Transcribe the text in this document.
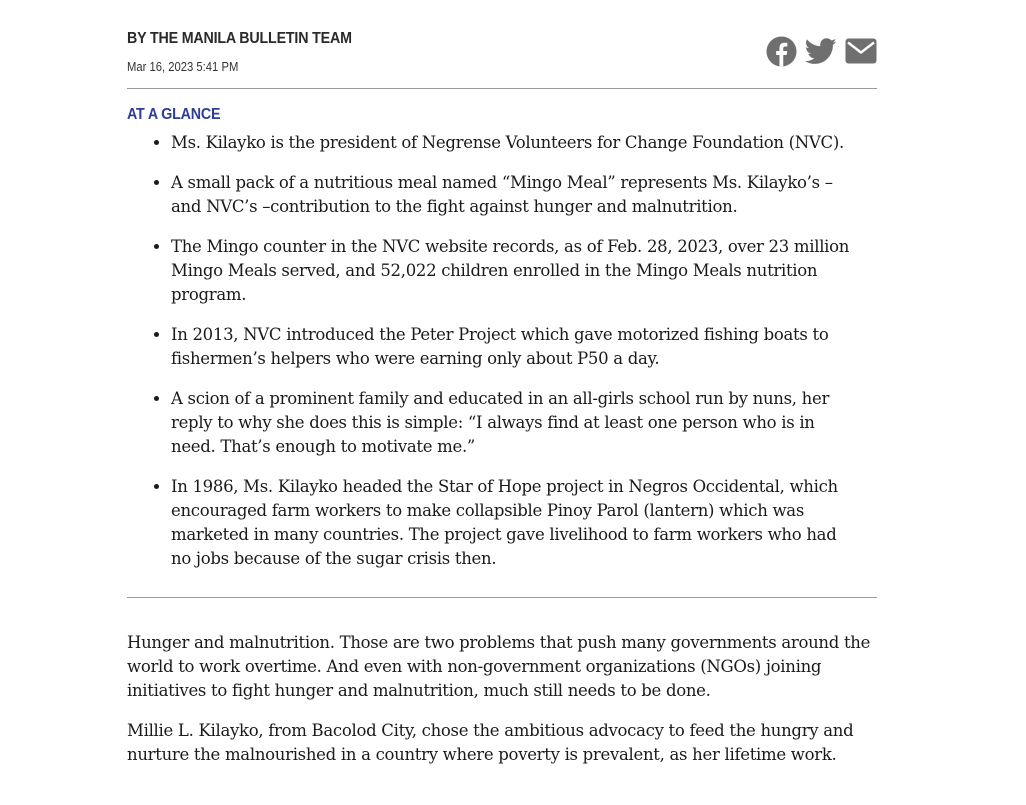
BY THE MANILA BULLETIN TEAM
Mar 16, 2023 5:41 PM
AT A GLANCE
• Ms. Kilayko is the president of Negrense Volunteers for Change Foundation (NVC).
• A small pack of a nutritious meal named “Mingo Meal” represents Ms. Kilayko’s –and NVC’s –contribution to the fight against hunger and malnutrition.
• The Mingo counter in the NVC website records, as of Feb. 28, 2023, over 23 million Mingo Meals served, and 52,022 children enrolled in the Mingo Meals nutrition program.
• In 2013, NVC introduced the Peter Project which gave motorized fishing boats to fishermen’s helpers who were earning only about P50 a day.
• A scion of a prominent family and educated in an all-girls school run by nuns, her reply to why she does this is simple: “I always find at least one person who is in need. That’s enough to motivate me.”
• In 1986, Ms. Kilayko headed the Star of Hope project in Negros Occidental, which encouraged farm workers to make collapsible Pinoy Parol (lantern) which was marketed in many countries. The project gave livelihood to farm workers who had no jobs because of the sugar crisis then.

Hunger and malnutrition. Those are two problems that push many governments around the world to work overtime. And even with non-government organizations (NGOs) joining initiatives to fight hunger and malnutrition, much still needs to be done.

Millie L. Kilayko, from Bacolod City, chose the ambitious advocacy to feed the hungry and nurture the malnourished in a country where poverty is prevalent, as her lifetime work.
